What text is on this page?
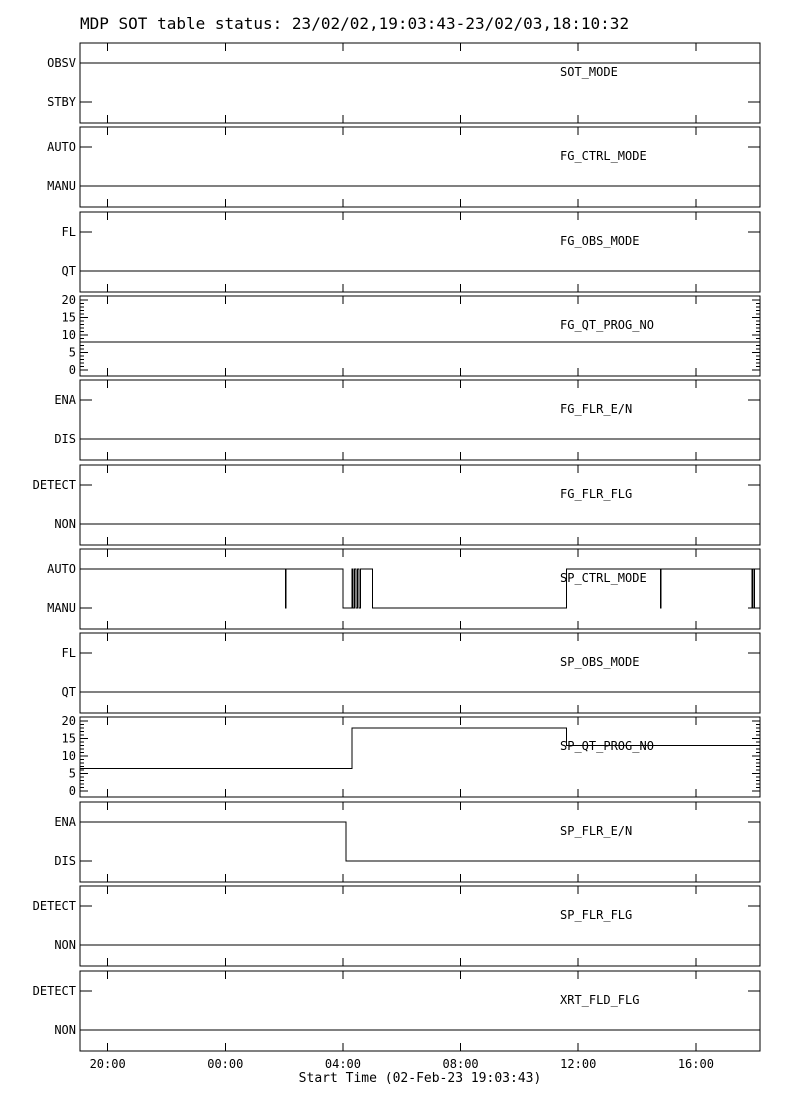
MDP SOT table status: 23/02/02,19:03:43-23/02/03,18:10:32
OBSV
STBY
SOT_MODE
AUTO
MANU
FG_CTRL_MODE
FL
QT
FG_OBS_MODE
20
15
10
5
0
FG_QT_PROG_NO
ENA
DIS
FG_FLR_E/N
DETECT
NON
FG_FLR_FLG
AUTO
MANU
SP_CTRL_MODE
FL
QT
SP_OBS_MODE
20
15
10
5
0
SP_QT_PROG_NO
ENA
DIS
SP_FLR_E/N
DETECT
NON
SP_FLR_FLG
DETECT
NON
XRT_FLD_FLG
20:00	00:00	04:00	08:00	12:00	16:00
Start Time (02-Feb-23 19:03:43)
